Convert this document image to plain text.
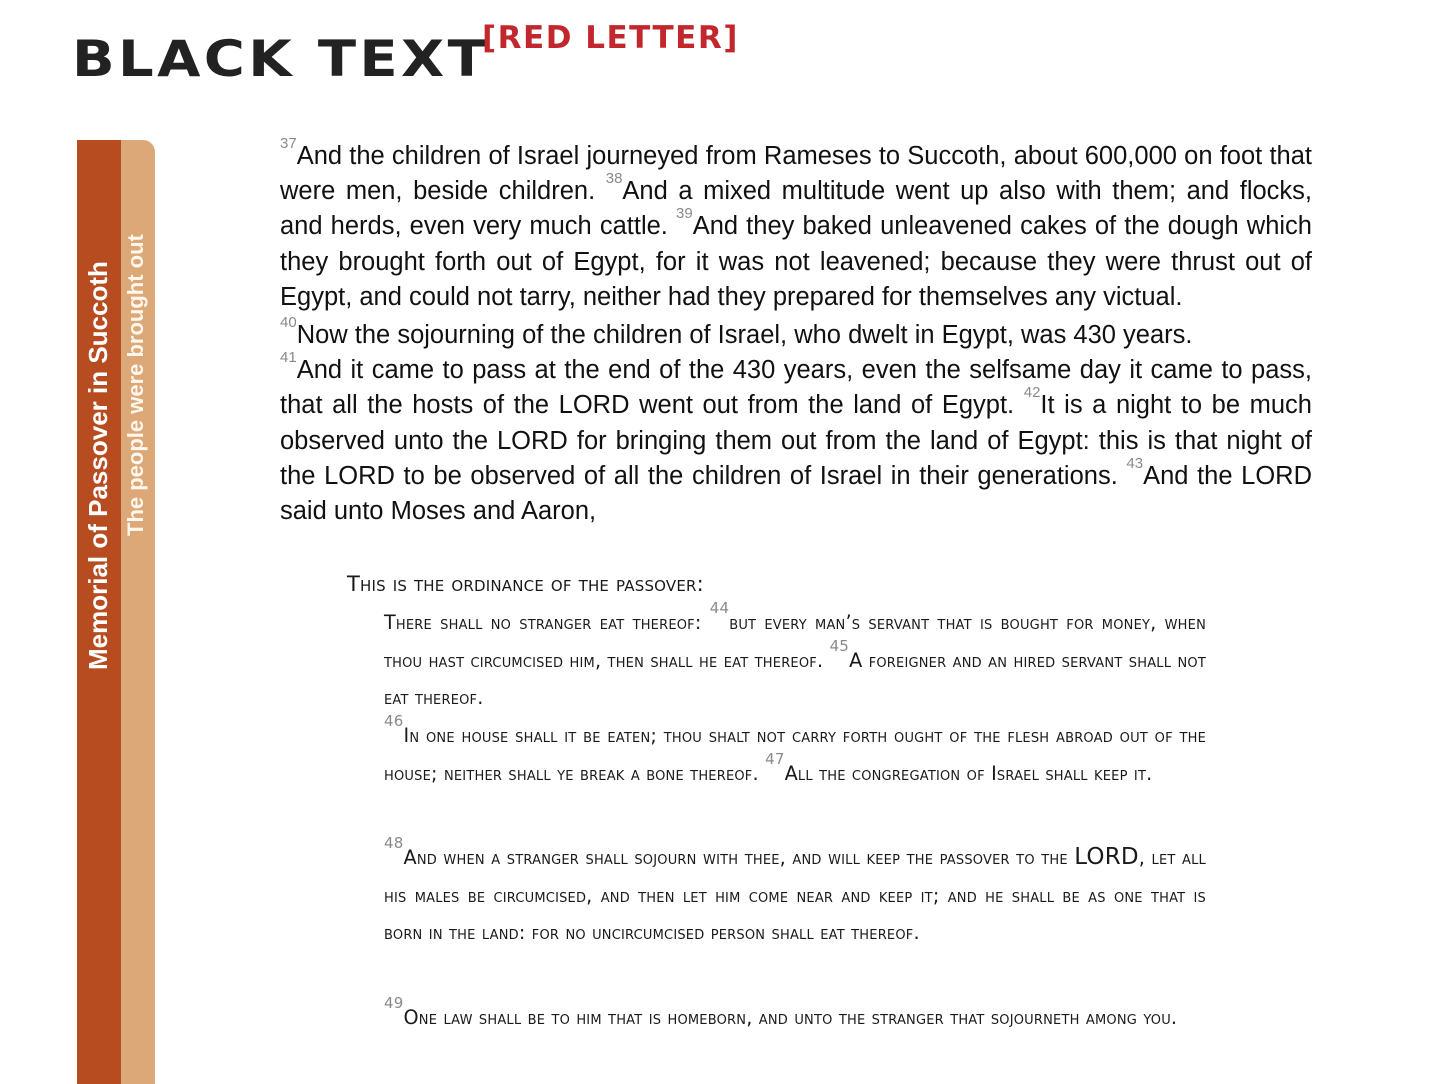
BLACK TEXT
[RED LETTER]
Memorial of Passover in Succoth The people were brought out

$^{37}$And the children of Israel journeyed from Rameses to Succoth, about 600,000 on foot that were men, beside children. $^{38}$And a mixed multitude went up also with them; and flocks, and herds, even very much cattle. $^{39}$And they baked unleavened cakes of the dough which they brought forth out of Egypt, for it was not leavened; because they were thrust out of Egypt, and could not tarry, neither had they prepared for themselves any victual.

$^{40}$Now the sojourning of the children of Israel, who dwelt in Egypt, was 430 years.

$^{41}$And it came to pass at the end of the 430 years, even the selfsame day it came to pass, that all the hosts of the LORD went out from the land of Egypt. $^{42}$It is a night to be much observed unto the LORD for bringing them out from the land of Egypt: this is that night of the LORD to be observed of all the children of Israel in their generations. $^{43}$And the LORD said unto Moses and Aaron,

This is the ordinance of the passover:

There shall no stranger eat thereof: $^{44}$but every man’s servant that is bought for money, when thou hast circumcised him, then shall he eat thereof. $^{45}$A foreigner and an hired servant shall not eat thereof.
$^{46}$In one house shall it be eaten; thou shalt not carry forth ought of the flesh abroad out of the house; neither shall ye break a bone thereof. $^{47}$All the congregation of Israel shall keep it.

$^{48}$And when a stranger shall sojourn with thee, and will keep the passover to the LORD, let all his males be circumcised, and then let him come near and keep it; and he shall be as one that is born in the land: for no uncircumcised person shall eat thereof.

$^{49}$One law shall be to him that is homeborn, and unto the stranger that sojourneth among you.
